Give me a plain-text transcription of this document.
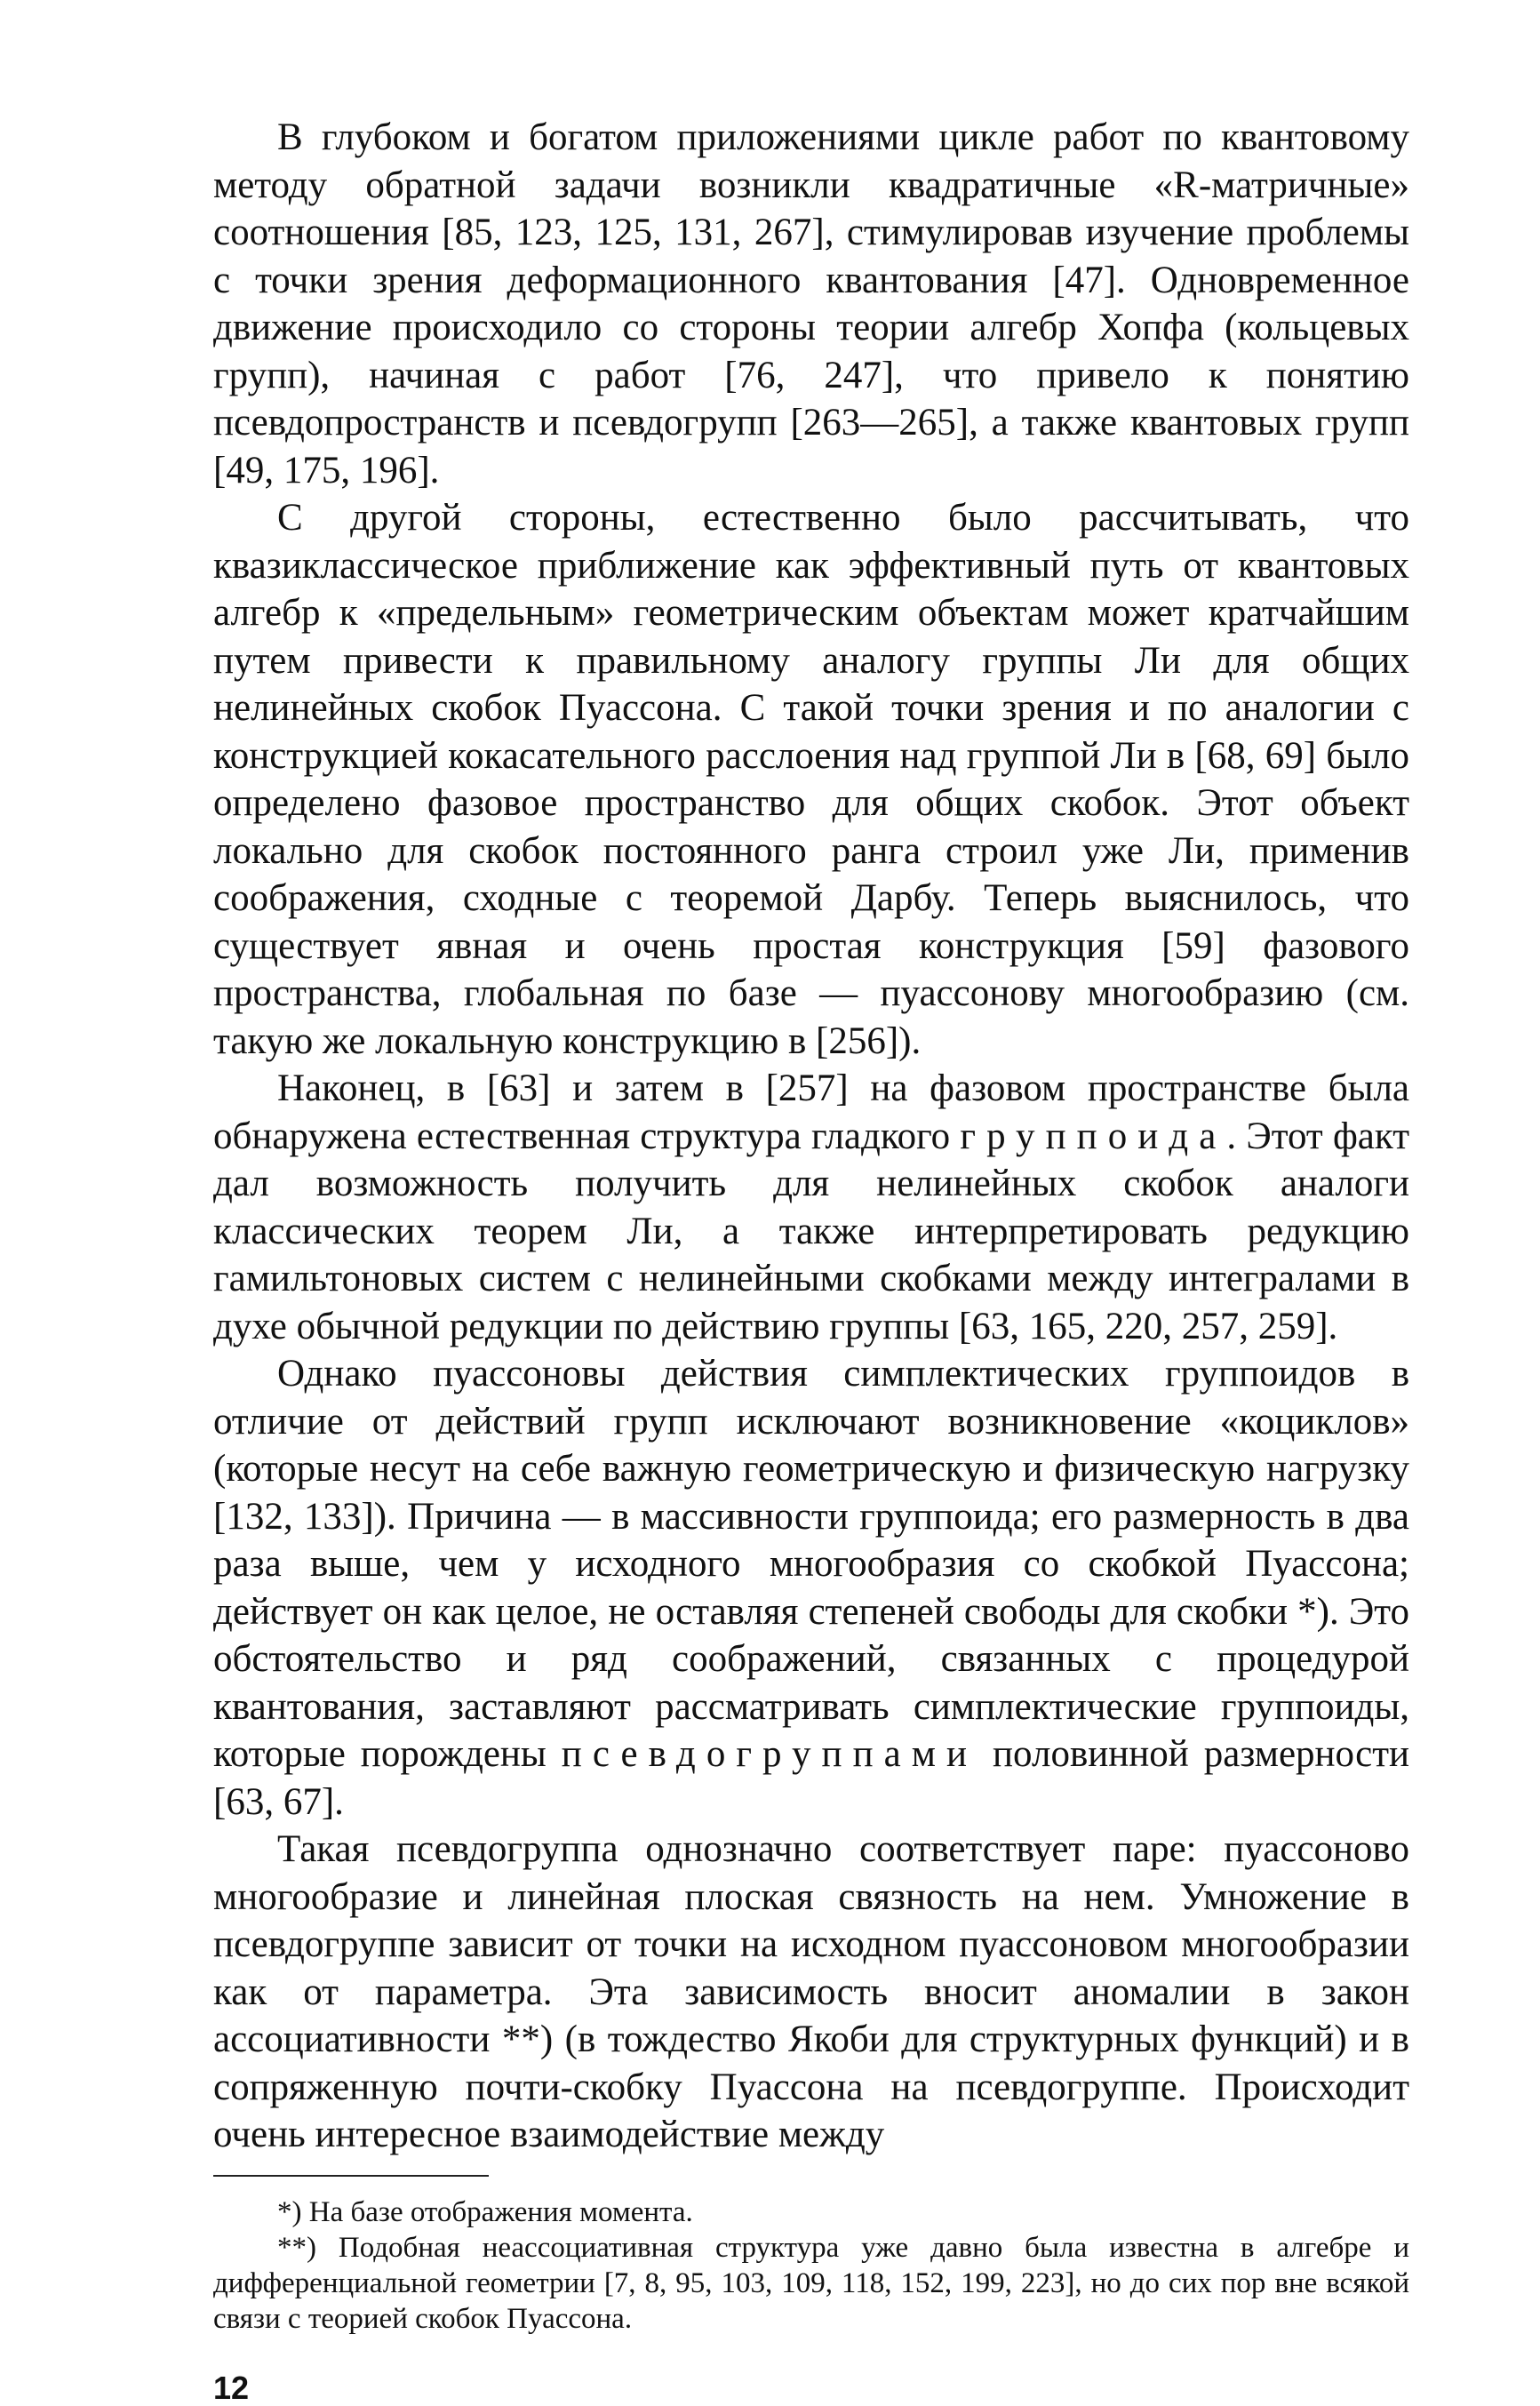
В глубоком и богатом приложениями цикле работ по квантовому методу обратной задачи возникли квадратичные «R-матричные» соотношения [85, 123, 125, 131, 267], стимулировав изучение проблемы с точки зрения деформационного квантования [47]. Одновременное движение происходило со стороны теории алгебр Хопфа (кольцевых групп), начиная с работ [76, 247], что привело к понятию псевдопространств и псевдогрупп [263—265], а также квантовых групп [49, 175, 196].

С другой стороны, естественно было рассчитывать, что квазиклассическое приближение как эффективный путь от квантовых алгебр к «предельным» геометрическим объектам может кратчайшим путем привести к правильному аналогу группы Ли для общих нелинейных скобок Пуассона. С такой точки зрения и по аналогии с конструкцией кокасательного расслоения над группой Ли в [68, 69] было определено фазовое пространство для общих скобок. Этот объект локально для скобок постоянного ранга строил уже Ли, применив соображения, сходные с теоремой Дарбу. Теперь выяснилось, что существует явная и очень простая конструкция [59] фазового пространства, глобальная по базе — пуассонову многообразию (см. такую же локальную конструкцию в [256]).

Наконец, в [63] и затем в [257] на фазовом пространстве была обнаружена естественная структура гладкого группоида. Этот факт дал возможность получить для нелинейных скобок аналоги классических теорем Ли, а также интерпретировать редукцию гамильтоновых систем с нелинейными скобками между интегралами в духе обычной редукции по действию группы [63, 165, 220, 257, 259].

Однако пуассоновы действия симплектических группоидов в отличие от действий групп исключают возникновение «коциклов» (которые несут на себе важную геометрическую и физическую нагрузку [132, 133]). Причина — в массивности группоида; его размерность в два раза выше, чем у исходного многообразия со скобкой Пуассона; действует он как целое, не оставляя степеней свободы для скобки *). Это обстоятельство и ряд соображений, связанных с процедурой квантования, заставляют рассматривать симплектические группоиды, которые порождены псевдогруппами половинной размерности [63, 67].

Такая псевдогруппа однозначно соответствует паре: пуассоново многообразие и линейная плоская связность на нем. Умножение в псевдогруппе зависит от точки на исходном пуассоновом многообразии как от параметра. Эта зависимость вносит аномалии в закон ассоциативности **) (в тождество Якоби для структурных функций) и в сопряженную почти-скобку Пуассона на псевдогруппе. Происходит очень интересное взаимодействие между

*) На базе отображения момента.

**) Подобная неассоциативная структура уже давно была известна в алгебре и дифференциальной геометрии [7, 8, 95, 103, 109, 118, 152, 199, 223], но до сих пор вне всякой связи с теорией скобок Пуассона.

12
